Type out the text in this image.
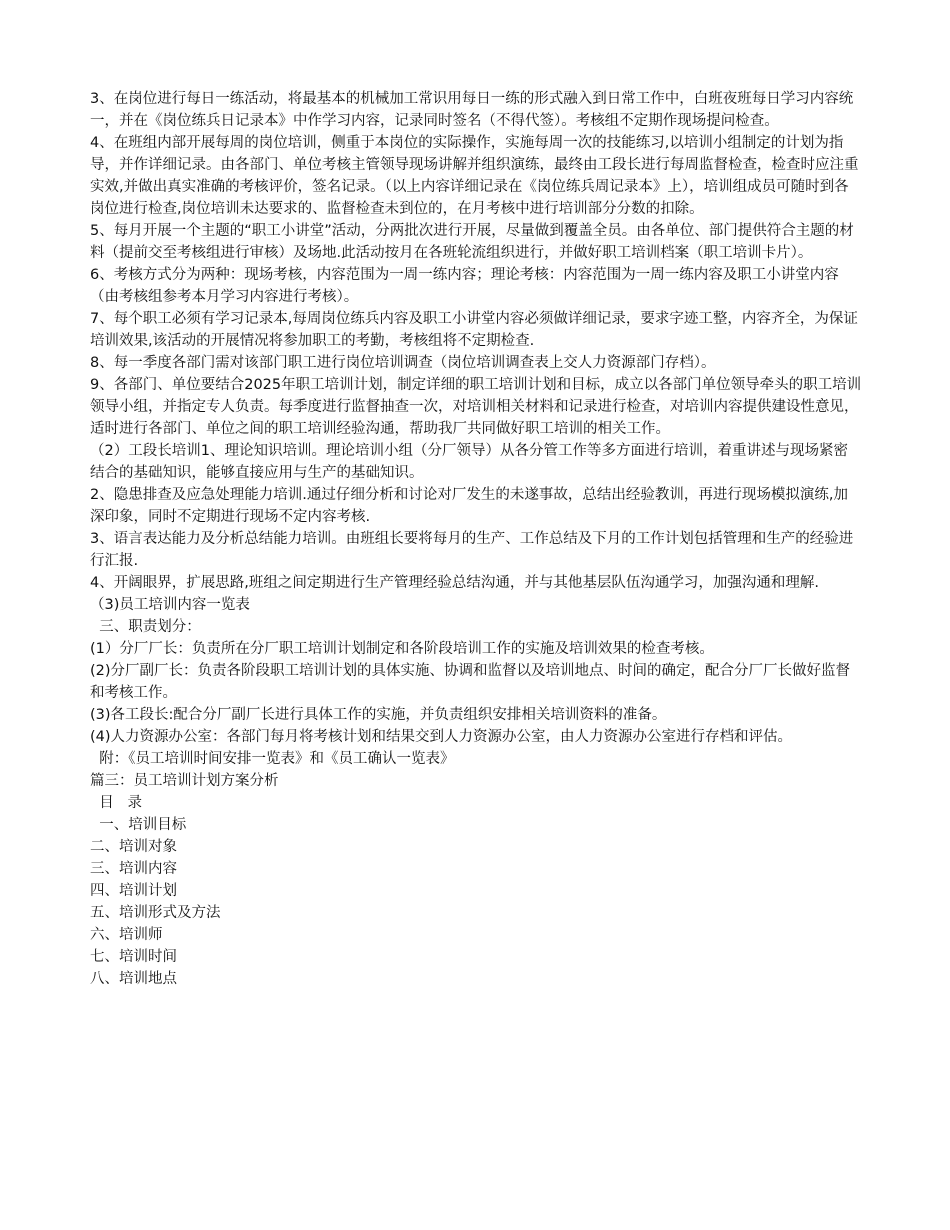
3、在岗位进行每日一练活动，将最基本的机械加工常识用每日一练的形式融入到日常工作中，白班夜班每日学习内容统一，并在《岗位练兵日记录本》中作学习内容，记录同时签名（不得代签）。考核组不定期作现场提问检查。

4、在班组内部开展每周的岗位培训，侧重于本岗位的实际操作，实施每周一次的技能练习,以培训小组制定的计划为指导，并作详细记录。由各部门、单位考核主管领导现场讲解并组织演练，最终由工段长进行每周监督检查，检查时应注重实效,并做出真实准确的考核评价，签名记录。（以上内容详细记录在《岗位练兵周记录本》上），培训组成员可随时到各岗位进行检查,岗位培训未达要求的、监督检查未到位的，在月考核中进行培训部分分数的扣除。

5、每月开展一个主题的“职工小讲堂”活动，分两批次进行开展，尽量做到覆盖全员。由各单位、部门提供符合主题的材料（提前交至考核组进行审核）及场地.此活动按月在各班轮流组织进行，并做好职工培训档案（职工培训卡片）。

6、考核方式分为两种：现场考核，内容范围为一周一练内容；理论考核：内容范围为一周一练内容及职工小讲堂内容（由考核组参考本月学习内容进行考核）。

7、每个职工必须有学习记录本,每周岗位练兵内容及职工小讲堂内容必须做详细记录，要求字迹工整，内容齐全，为保证培训效果,该活动的开展情况将参加职工的考勤，考核组将不定期检查.

8、每一季度各部门需对该部门职工进行岗位培训调查（岗位培训调查表上交人力资源部门存档）。

9、各部门、单位要结合2025年职工培训计划，制定详细的职工培训计划和目标，成立以各部门单位领导牵头的职工培训领导小组，并指定专人负责。每季度进行监督抽查一次，对培训相关材料和记录进行检查，对培训内容提供建设性意见，适时进行各部门、单位之间的职工培训经验沟通，帮助我厂共同做好职工培训的相关工作。

（2）工段长培训1、理论知识培训。理论培训小组（分厂领导）从各分管工作等多方面进行培训，着重讲述与现场紧密结合的基础知识，能够直接应用与生产的基础知识。

2、隐患排查及应急处理能力培训.通过仔细分析和讨论对厂发生的未遂事故，总结出经验教训，再进行现场模拟演练,加深印象，同时不定期进行现场不定内容考核.

3、语言表达能力及分析总结能力培训。由班组长要将每月的生产、工作总结及下月的工作计划包括管理和生产的经验进行汇报.

4、开阔眼界，扩展思路,班组之间定期进行生产管理经验总结沟通，并与其他基层队伍沟通学习，加强沟通和理解.

（3)员工培训内容一览表

三、职责划分：

(1）分厂厂长：负责所在分厂职工培训计划制定和各阶段培训工作的实施及培训效果的检查考核。

(2)分厂副厂长：负责各阶段职工培训计划的具体实施、协调和监督以及培训地点、时间的确定，配合分厂厂长做好监督和考核工作。

(3)各工段长:配合分厂副厂长进行具体工作的实施，并负责组织安排相关培训资料的准备。

(4)人力资源办公室：各部门每月将考核计划和结果交到人力资源办公室，由人力资源办公室进行存档和评估。

附：《员工培训时间安排一览表》和《员工确认一览表》

篇三：员工培训计划方案分析

目   录

一、培训目标

二、培训对象

三、培训内容

四、培训计划

五、培训形式及方法

六、培训师

七、培训时间

八、培训地点
